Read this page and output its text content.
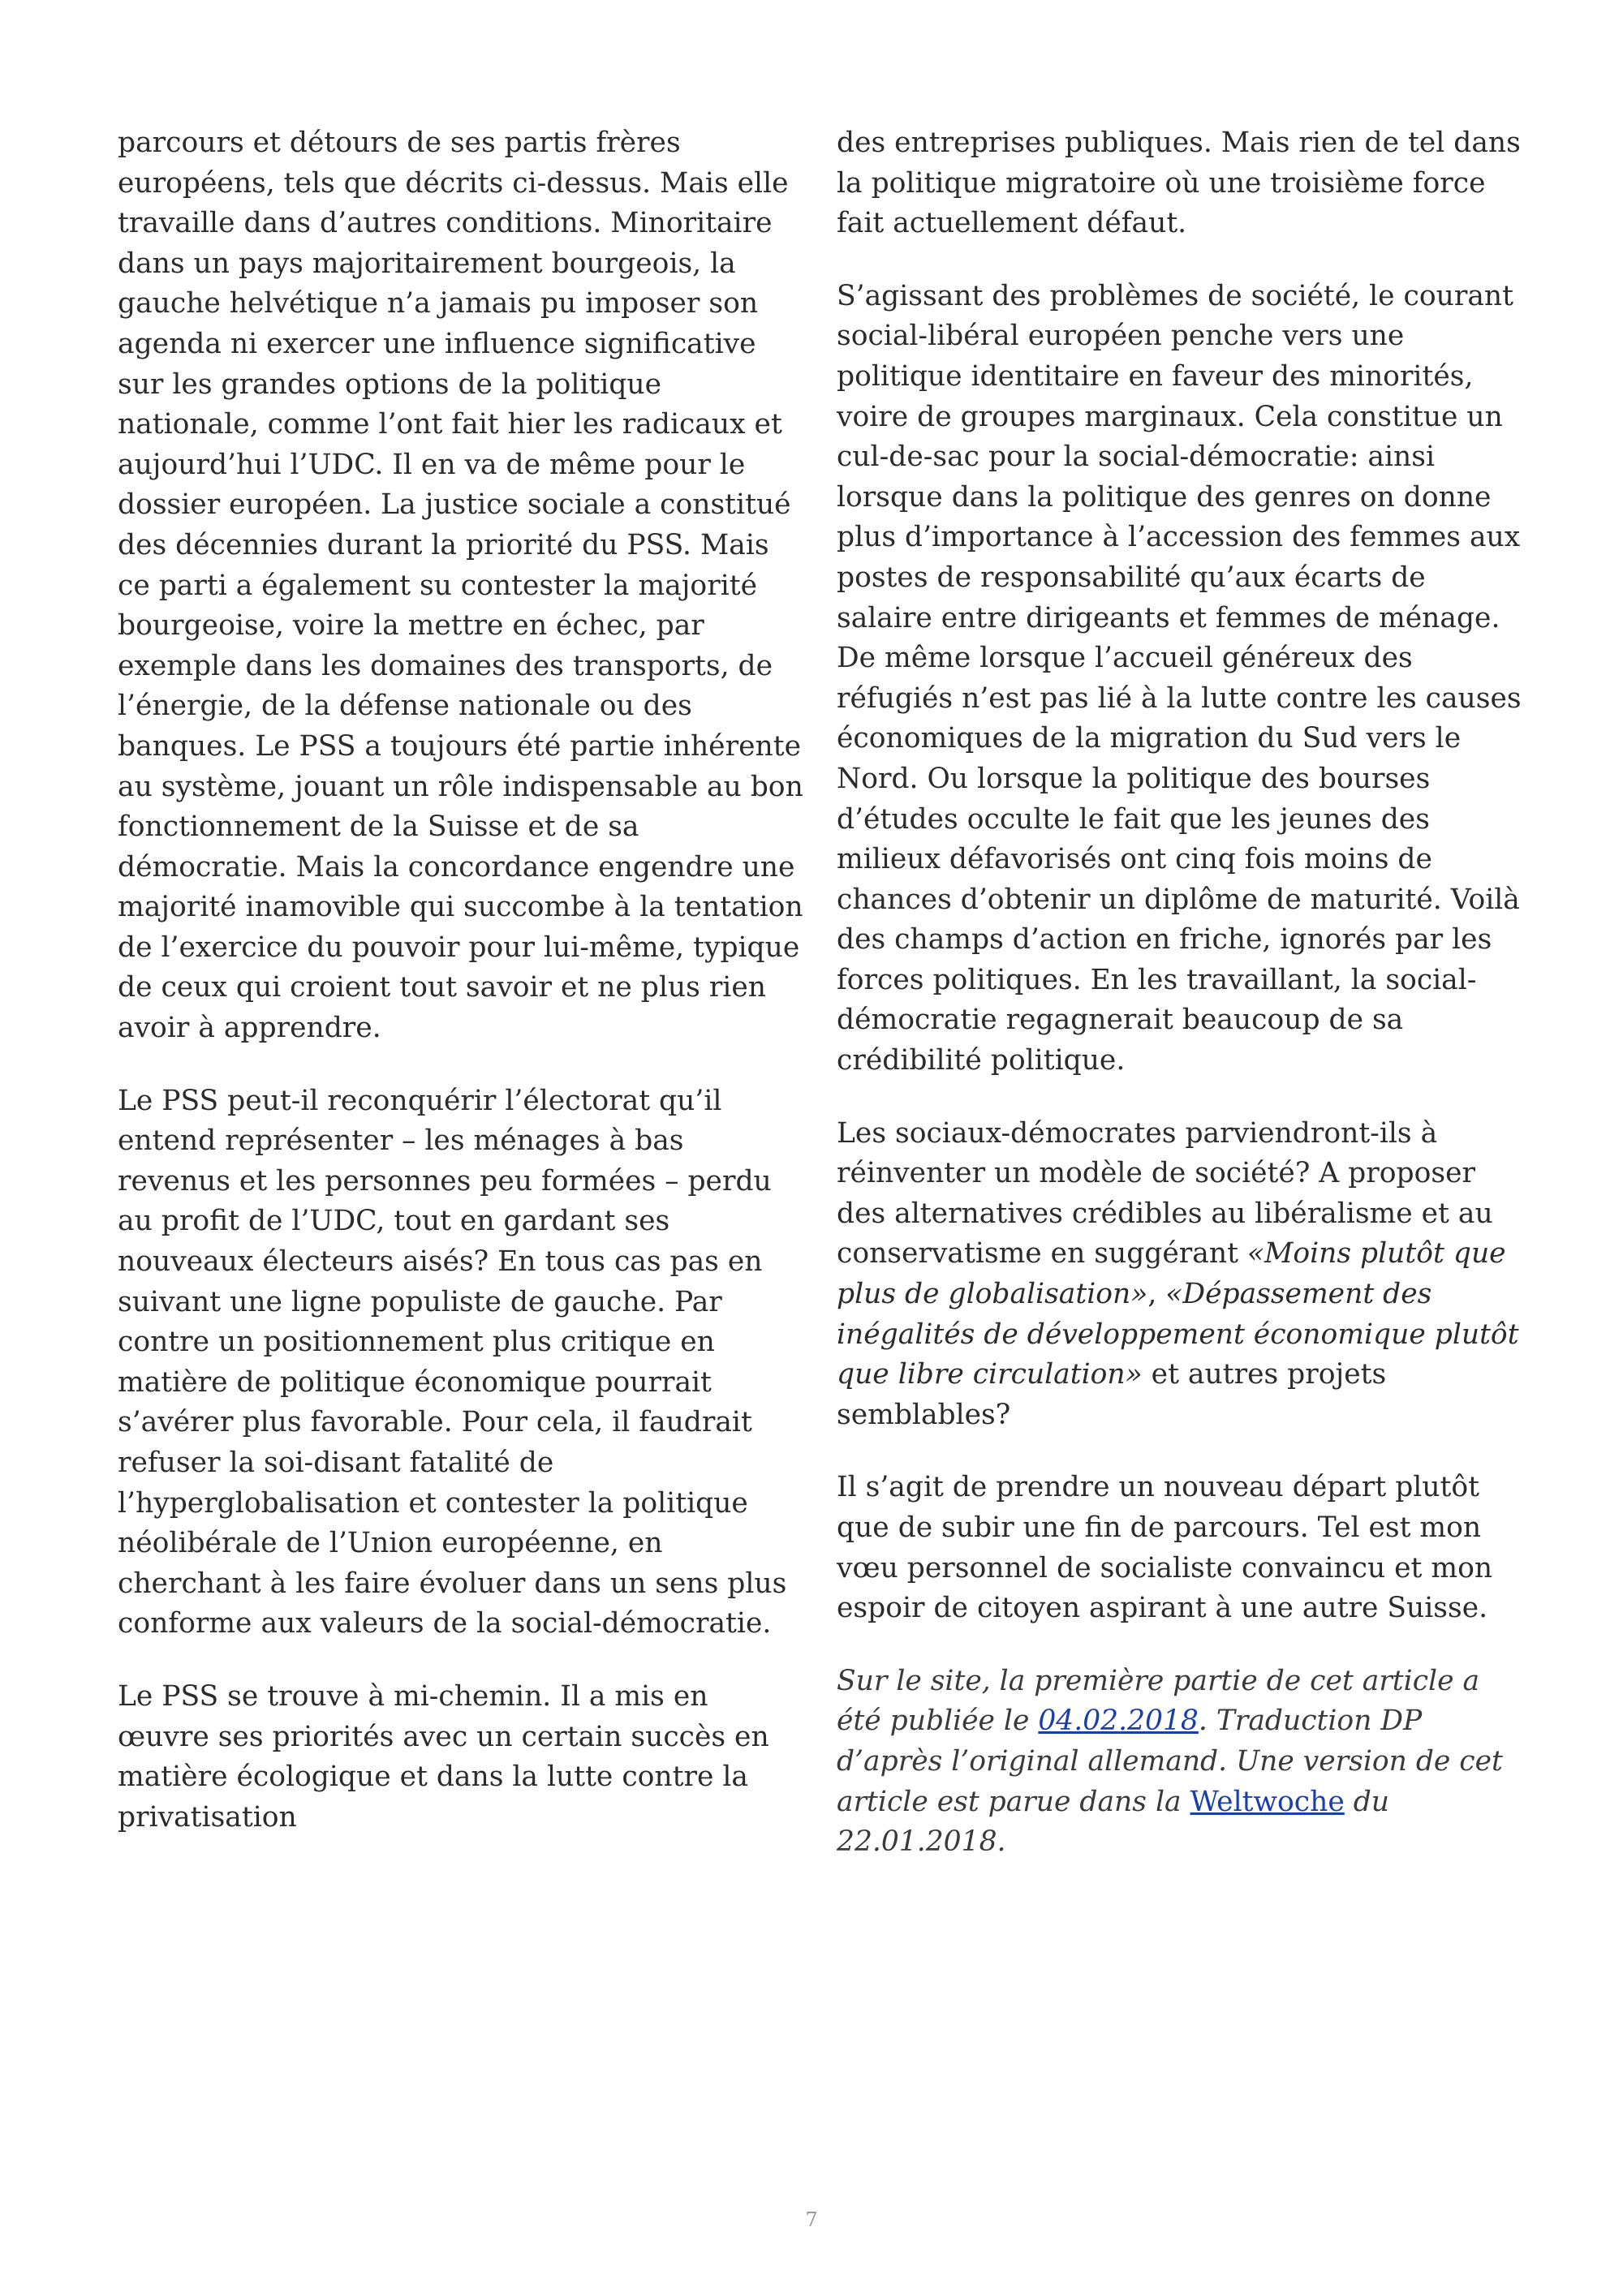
parcours et détours de ses partis frères européens, tels que décrits ci-dessus. Mais elle travaille dans d’autres conditions. Minoritaire dans un pays majoritairement bourgeois, la gauche helvétique n’a jamais pu imposer son agenda ni exercer une influence significative sur les grandes options de la politique nationale, comme l’ont fait hier les radicaux et aujourd’hui l’UDC. Il en va de même pour le dossier européen. La justice sociale a constitué des décennies durant la priorité du PSS. Mais ce parti a également su contester la majorité bourgeoise, voire la mettre en échec, par exemple dans les domaines des transports, de l’énergie, de la défense nationale ou des banques. Le PSS a toujours été partie inhérente au système, jouant un rôle indispensable au bon fonctionnement de la Suisse et de sa démocratie. Mais la concordance engendre une majorité inamovible qui succombe à la tentation de l’exercice du pouvoir pour lui-même, typique de ceux qui croient tout savoir et ne plus rien avoir à apprendre.

Le PSS peut-il reconquérir l’électorat qu’il entend représenter – les ménages à bas revenus et les personnes peu formées – perdu au profit de l’UDC, tout en gardant ses nouveaux électeurs aisés? En tous cas pas en suivant une ligne populiste de gauche. Par contre un positionnement plus critique en matière de politique économique pourrait s’avérer plus favorable. Pour cela, il faudrait refuser la soi-disant fatalité de l’hyperglobalisation et contester la politique néolibérale de l’Union européenne, en cherchant à les faire évoluer dans un sens plus conforme aux valeurs de la social-démocratie.

Le PSS se trouve à mi-chemin. Il a mis en œuvre ses priorités avec un certain succès en matière écologique et dans la lutte contre la privatisation

des entreprises publiques. Mais rien de tel dans la politique migratoire où une troisième force fait actuellement défaut.

S’agissant des problèmes de société, le courant social-libéral européen penche vers une politique identitaire en faveur des minorités, voire de groupes marginaux. Cela constitue un cul-de-sac pour la social-démocratie: ainsi lorsque dans la politique des genres on donne plus d’importance à l’accession des femmes aux postes de responsabilité qu’aux écarts de salaire entre dirigeants et femmes de ménage. De même lorsque l’accueil généreux des réfugiés n’est pas lié à la lutte contre les causes économiques de la migration du Sud vers le Nord. Ou lorsque la politique des bourses d’études occulte le fait que les jeunes des milieux défavorisés ont cinq fois moins de chances d’obtenir un diplôme de maturité. Voilà des champs d’action en friche, ignorés par les forces politiques. En les travaillant, la social-démocratie regagnerait beaucoup de sa crédibilité politique.

Les sociaux-démocrates parviendront-ils à réinventer un modèle de société? A proposer des alternatives crédibles au libéralisme et au conservatisme en suggérant «Moins plutôt que plus de globalisation», «Dépassement des inégalités de développement économique plutôt que libre circulation» et autres projets semblables?

Il s’agit de prendre un nouveau départ plutôt que de subir une fin de parcours. Tel est mon vœu personnel de socialiste convaincu et mon espoir de citoyen aspirant à une autre Suisse.

Sur le site, la première partie de cet article a été publiée le 04.02.2018. Traduction DP d’après l’original allemand. Une version de cet article est parue dans la Weltwoche du 22.01.2018.

7
